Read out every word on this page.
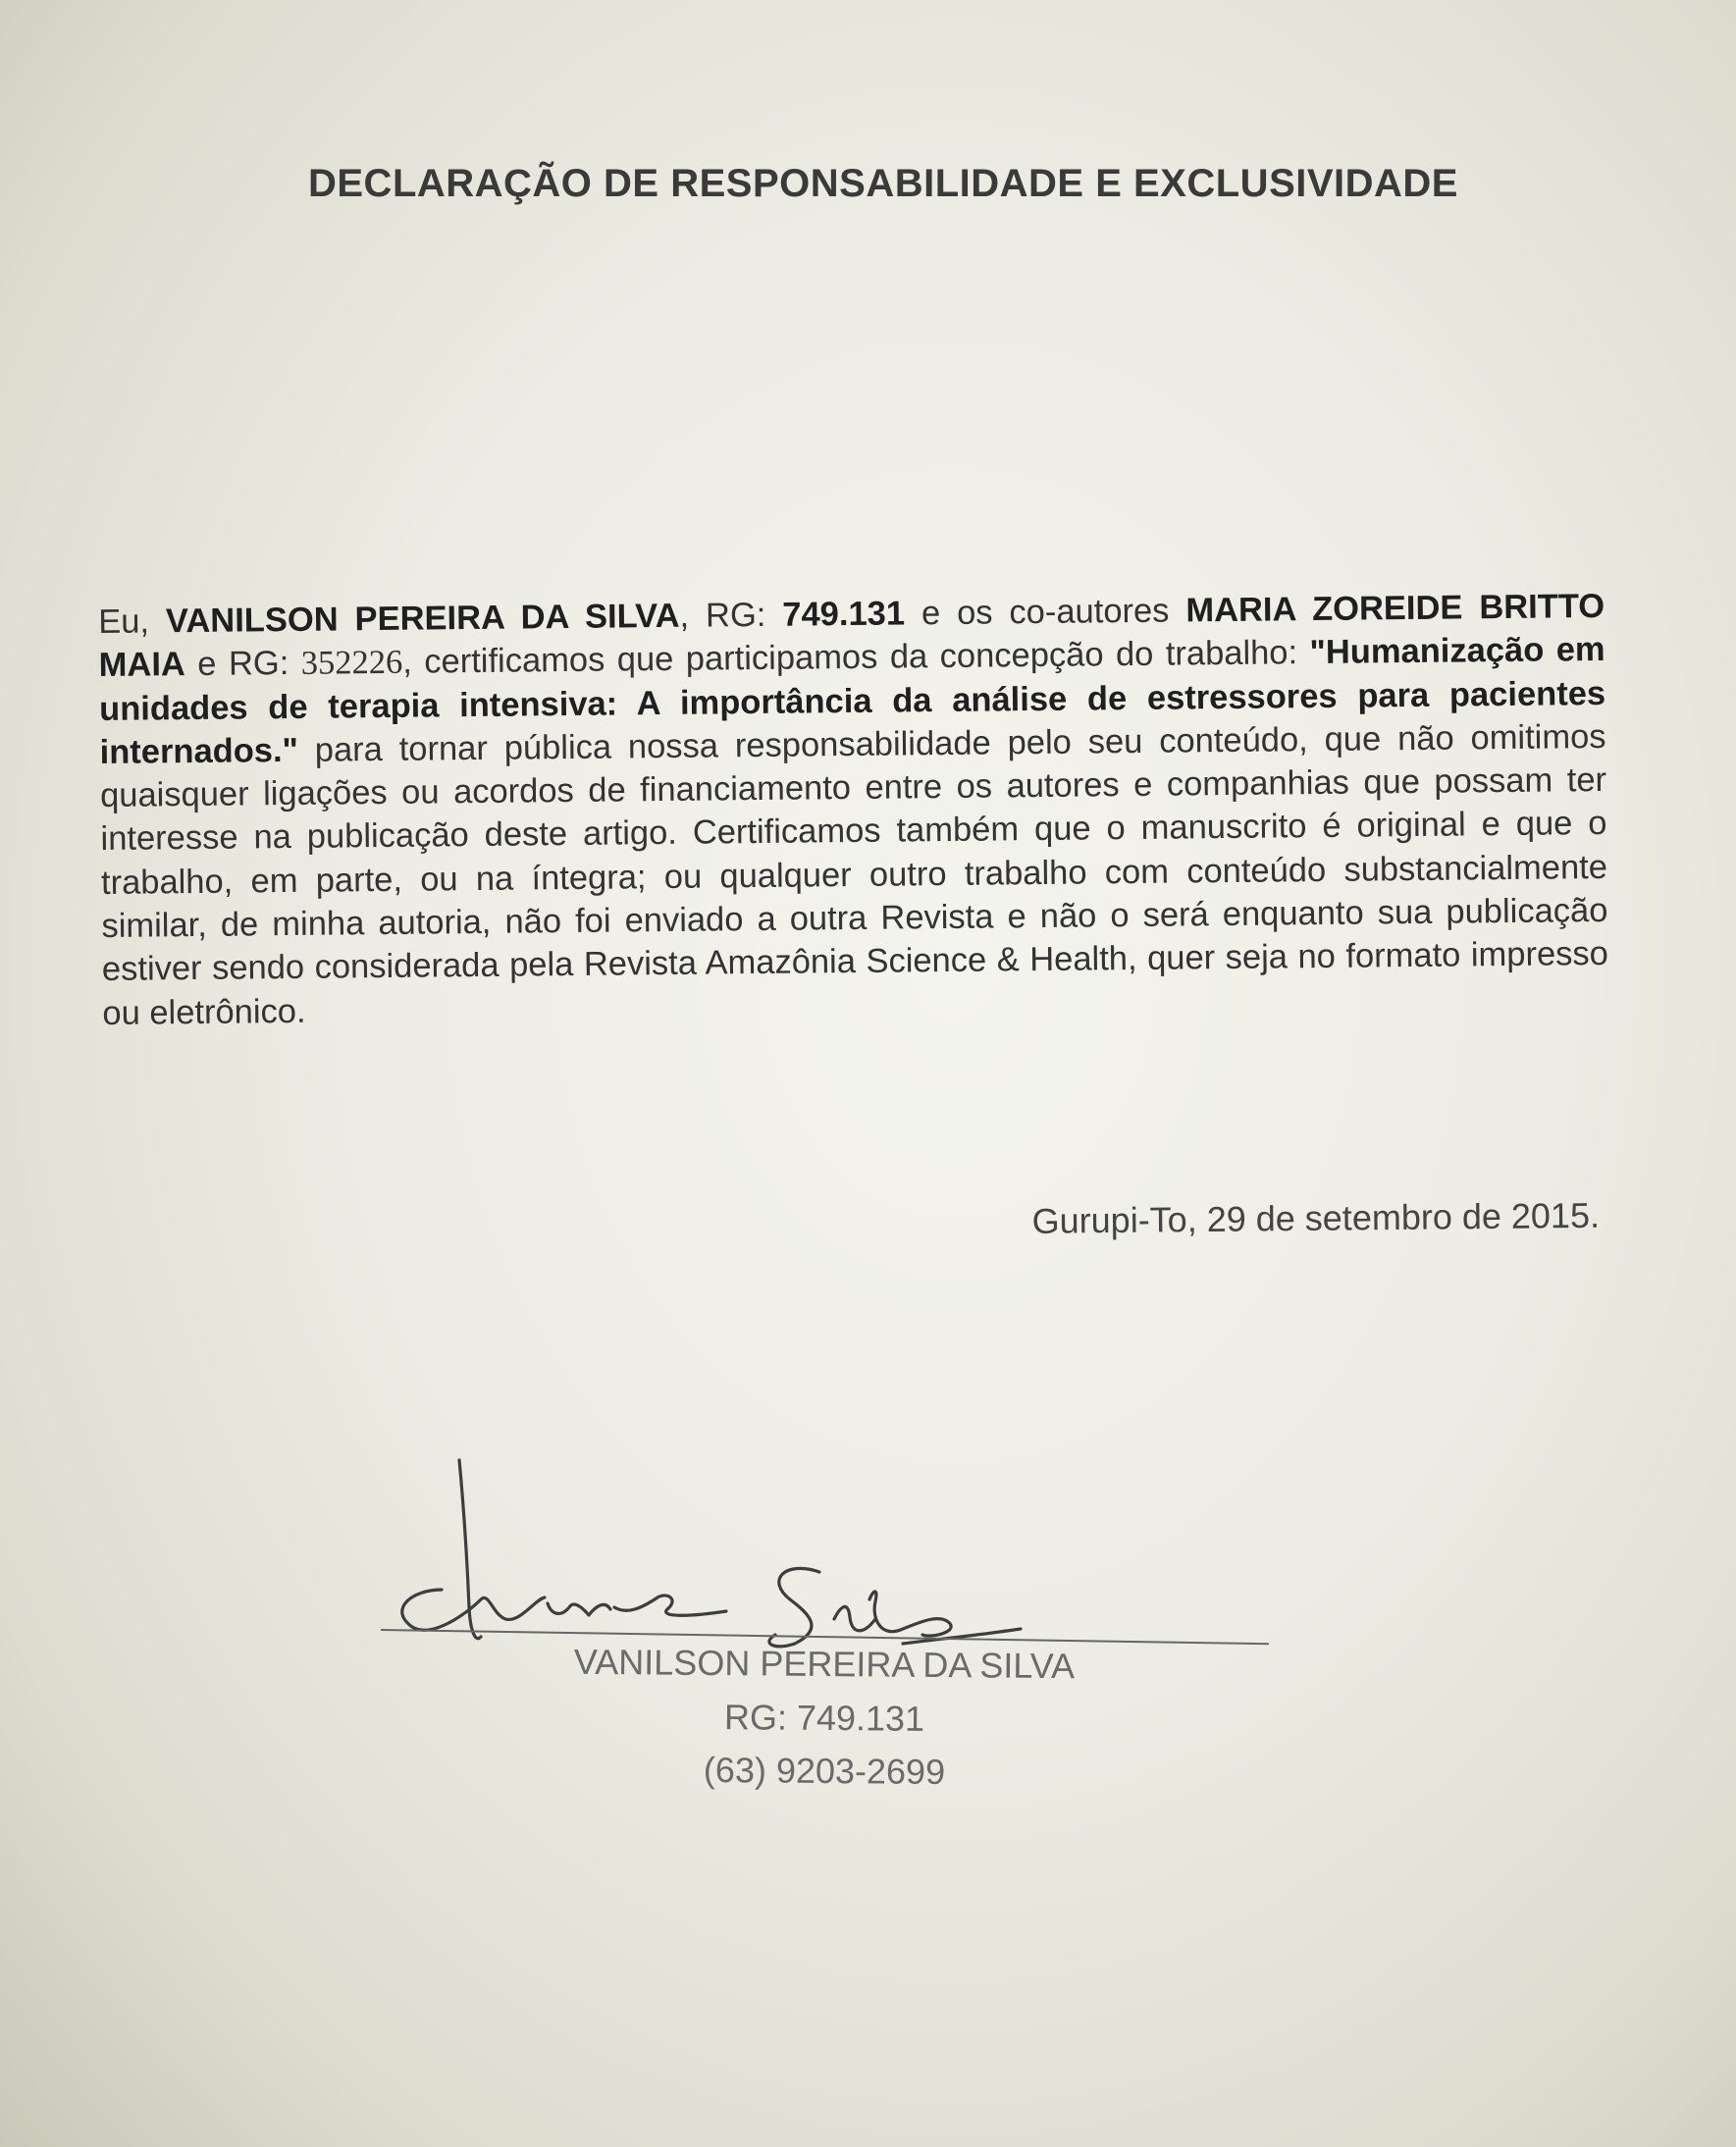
DECLARAÇÃO DE RESPONSABILIDADE E EXCLUSIVIDADE
Eu, VANILSON PEREIRA DA SILVA, RG: 749.131 e os co-autores MARIA ZOREIDE BRITTO MAIA e RG: 352226, certificamos que participamos da concepção do trabalho: "Humanização em unidades de terapia intensiva: A importância da análise de estressores para pacientes internados." para tornar pública nossa responsabilidade pelo seu conteúdo, que não omitimos quaisquer ligações ou acordos de financiamento entre os autores e companhias que possam ter interesse na publicação deste artigo. Certificamos também que o manuscrito é original e que o trabalho, em parte, ou na íntegra; ou qualquer outro trabalho com conteúdo substancialmente similar, de minha autoria, não foi enviado a outra Revista e não o será enquanto sua publicação estiver sendo considerada pela Revista Amazônia Science & Health, quer seja no formato impresso ou eletrônico.
Gurupi-To, 29 de setembro de 2015.
VANILSON PEREIRA DA SILVA
RG: 749.131
(63) 9203-2699
